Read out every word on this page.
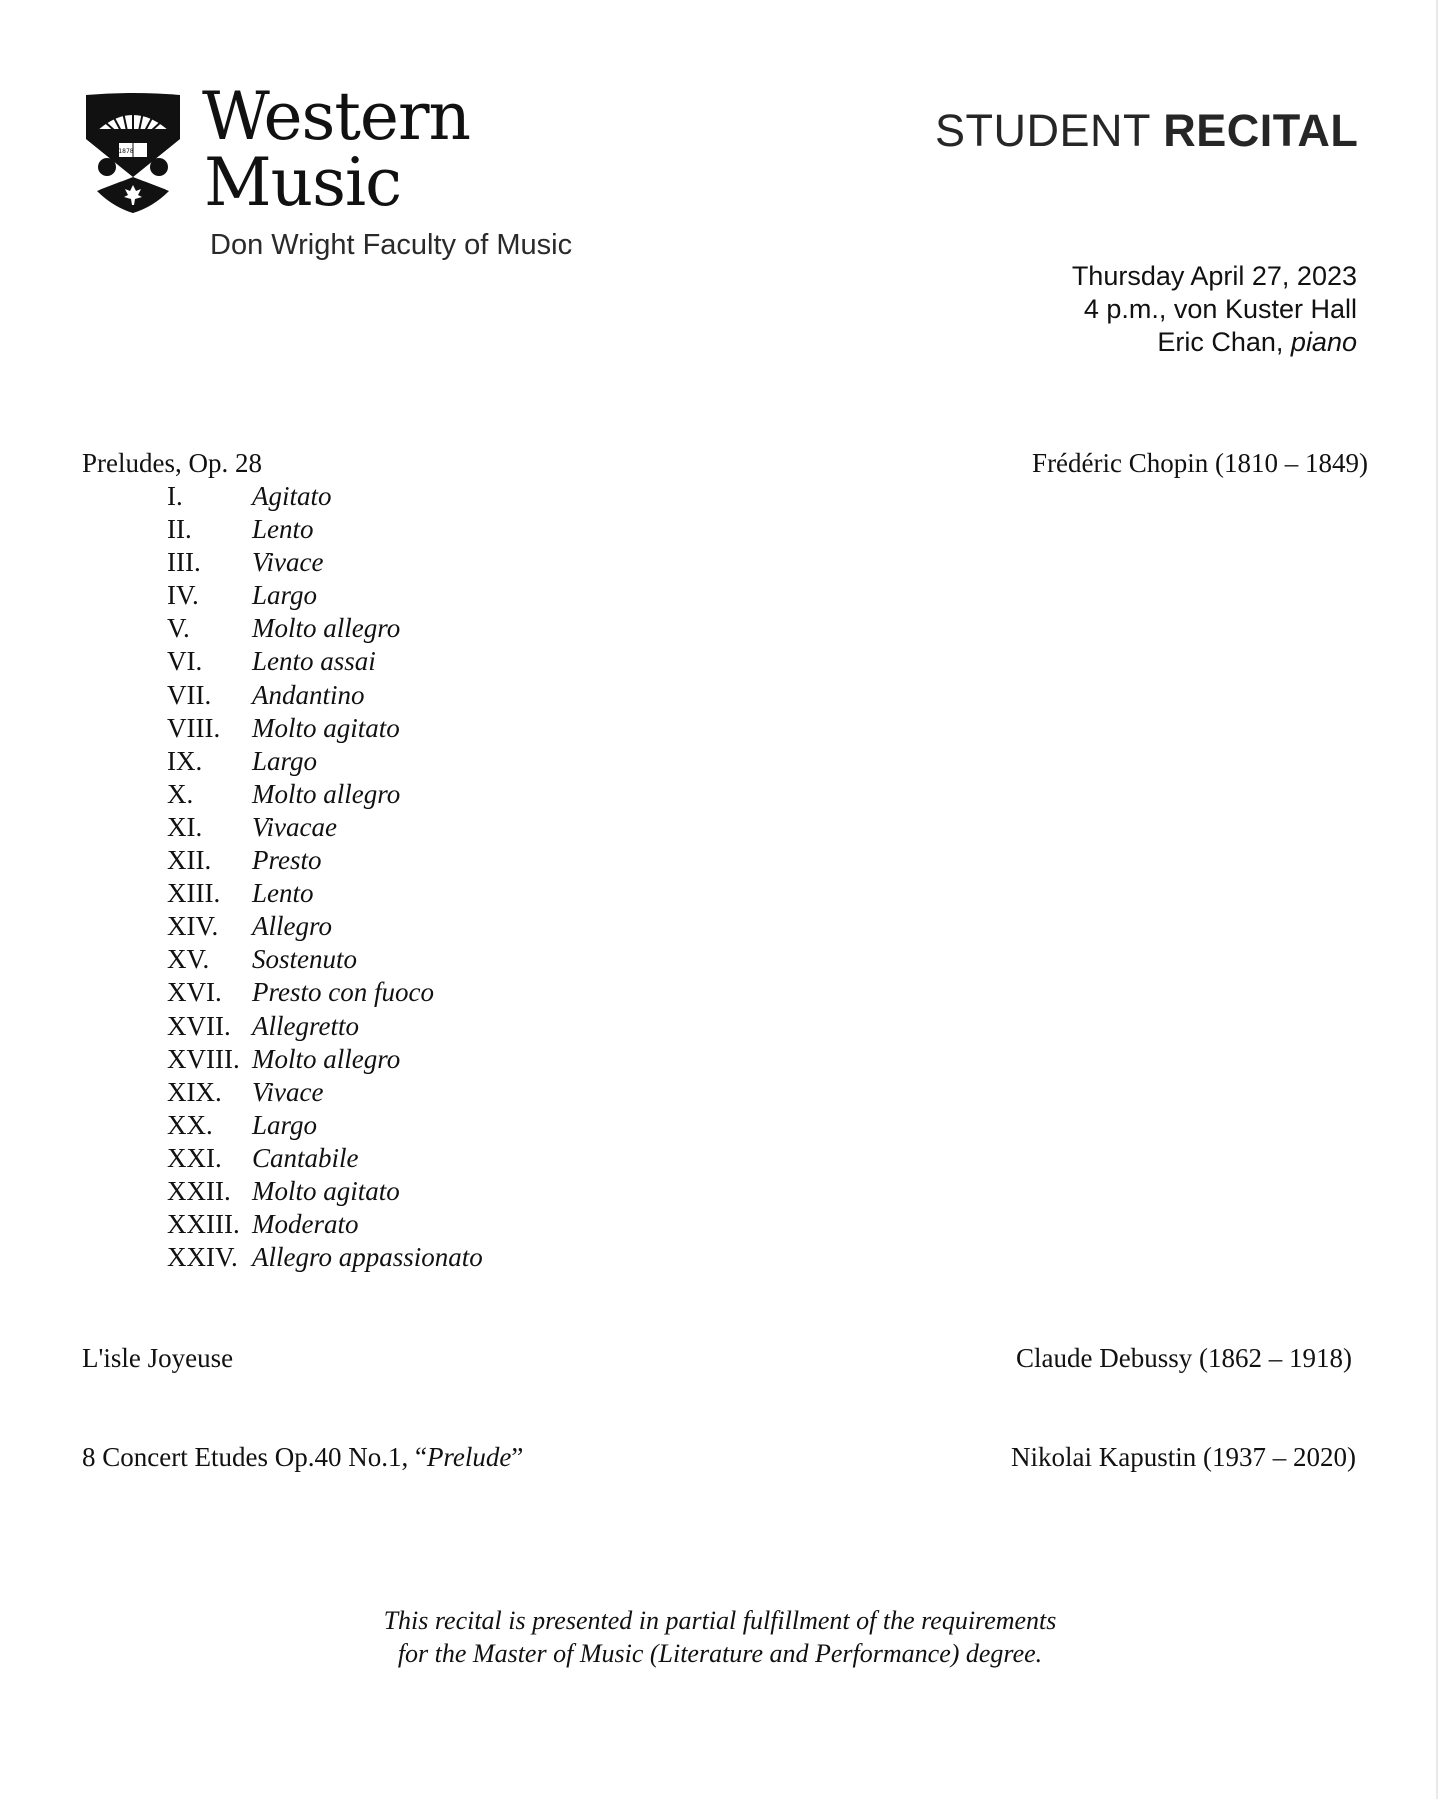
1878 Western
Music
Don Wright Faculty of Music
STUDENT RECITAL
Thursday April 27, 2023
4 p.m., von Kuster Hall
Eric Chan, piano
Preludes, Op. 28	Frédéric Chopin (1810 – 1849)
I.	Agitato
II.	Lento
III.	Vivace
IV.	Largo
V.	Molto allegro
VI.	Lento assai
VII.	Andantino
VIII.	Molto agitato
IX.	Largo
X.	Molto allegro
XI.	Vivacae
XII.	Presto
XIII.	Lento
XIV.	Allegro
XV.	Sostenuto
XVI.	Presto con fuoco
XVII. Allegretto
XVIII. Molto allegro
XIX.	Vivace
XX.	Largo
XXI.	Cantabile
XXII. Molto agitato
XXIII. Moderato
XXIV. Allegro appassionato
L'isle Joyeuse	Claude Debussy (1862 – 1918)
8 Concert Etudes Op.40 No.1, “Prelude”	Nikolai Kapustin (1937 – 2020)
This recital is presented in partial fulfillment of the requirements
for the Master of Music (Literature and Performance) degree.
